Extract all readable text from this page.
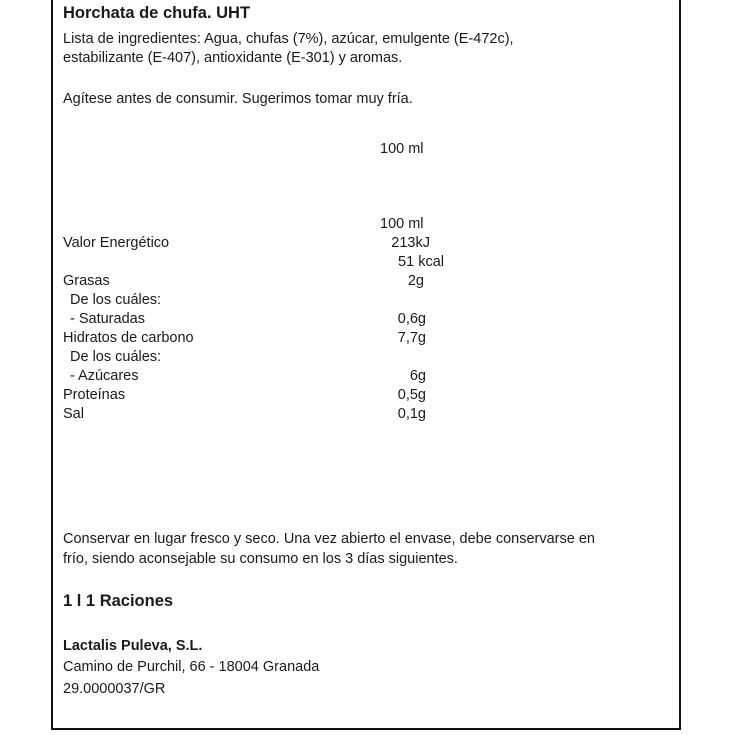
Horchata de chufa. UHT
Lista de ingredientes: Agua, chufas (7%), azúcar, emulgente (E-472c),
estabilizante (E-407), antioxidante (E-301) y aromas.
Agítese antes de consumir. Sugerimos tomar muy fría.
100 ml
100 ml
Valor Energético	213kJ
51 kcal
Grasas	2g
De los cuáles:
- Saturadas	0,6g
Hidratos de carbono	7,7g
De los cuáles:
- Azúcares	6g
Proteínas	0,5g
Sal	0,1g
Conservar en lugar fresco y seco. Una vez abierto el envase, debe conservarse en
frío, siendo aconsejable su consumo en los 3 días siguientes.
1 l 1 Raciones
Lactalis Puleva, S.L.
Camino de Purchil, 66 - 18004 Granada
29.0000037/GR
